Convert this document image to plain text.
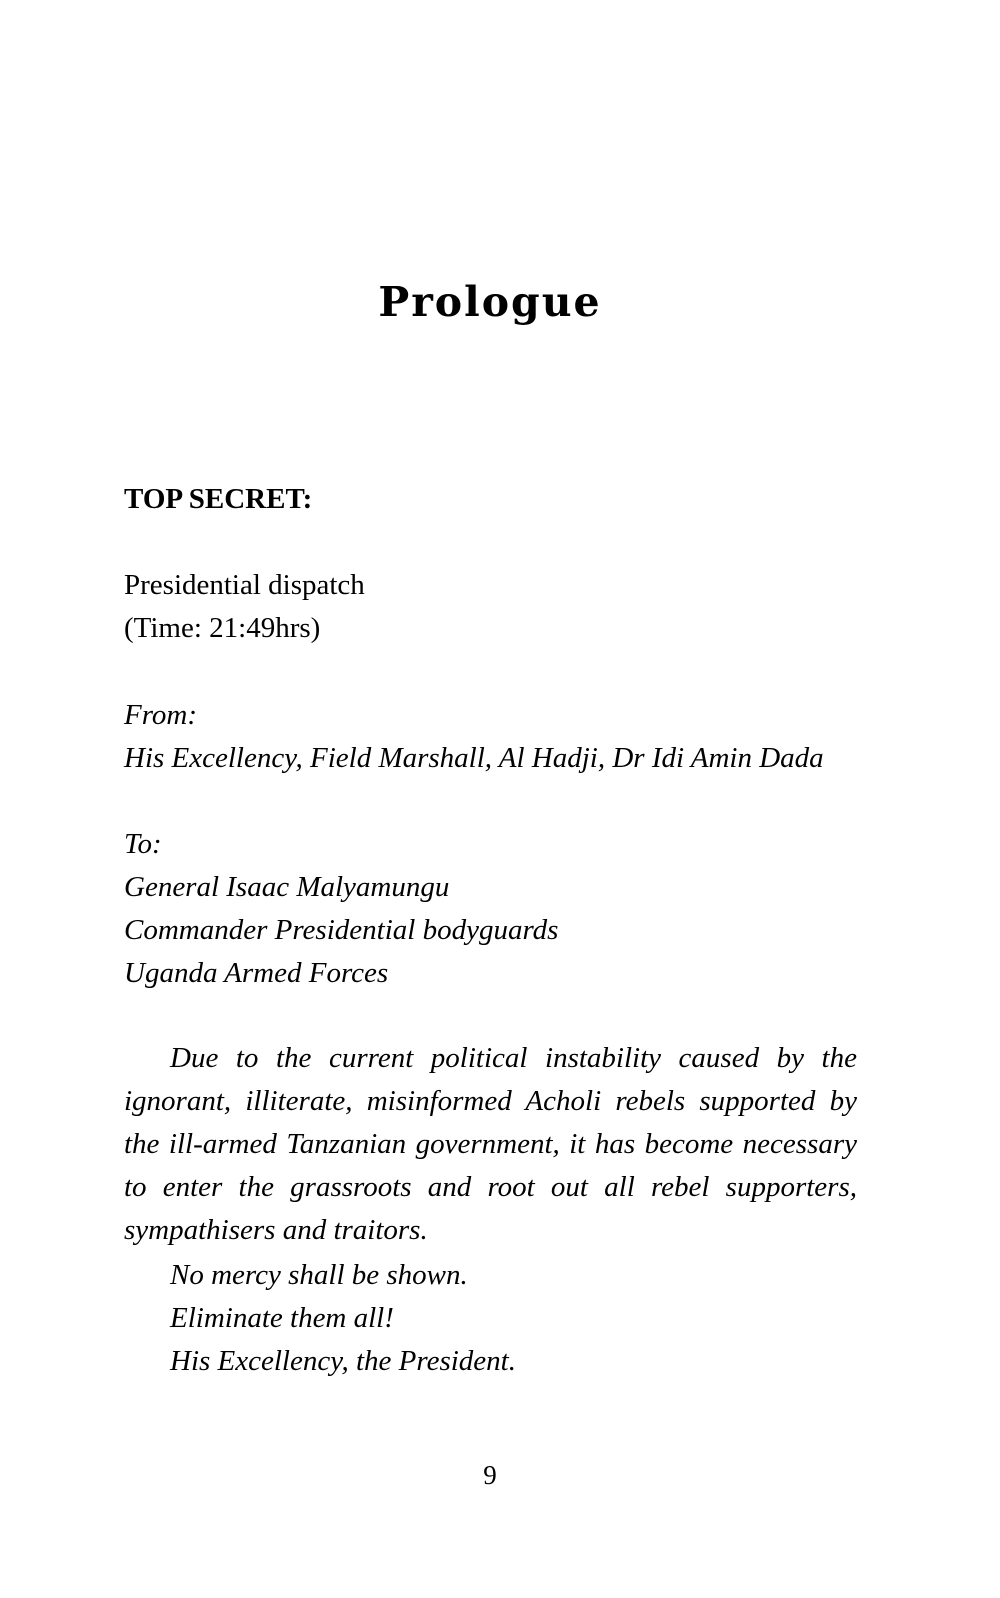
Prologue

TOP SECRET:

Presidential dispatch

(Time: 21:49hrs)

From:

His Excellency, Field Marshall, Al Hadji, Dr Idi Amin Dada

To:

General Isaac Malyamungu

Commander Presidential bodyguards

Uganda Armed Forces

Due to the current political instability caused by the ignorant, illiterate, misinformed Acholi rebels supported by the ill-armed Tanzanian government, it has become necessary to enter the grassroots and root out all rebel supporters, sympathisers and traitors.

No mercy shall be shown.

Eliminate them all!

His Excellency, the President.

9
